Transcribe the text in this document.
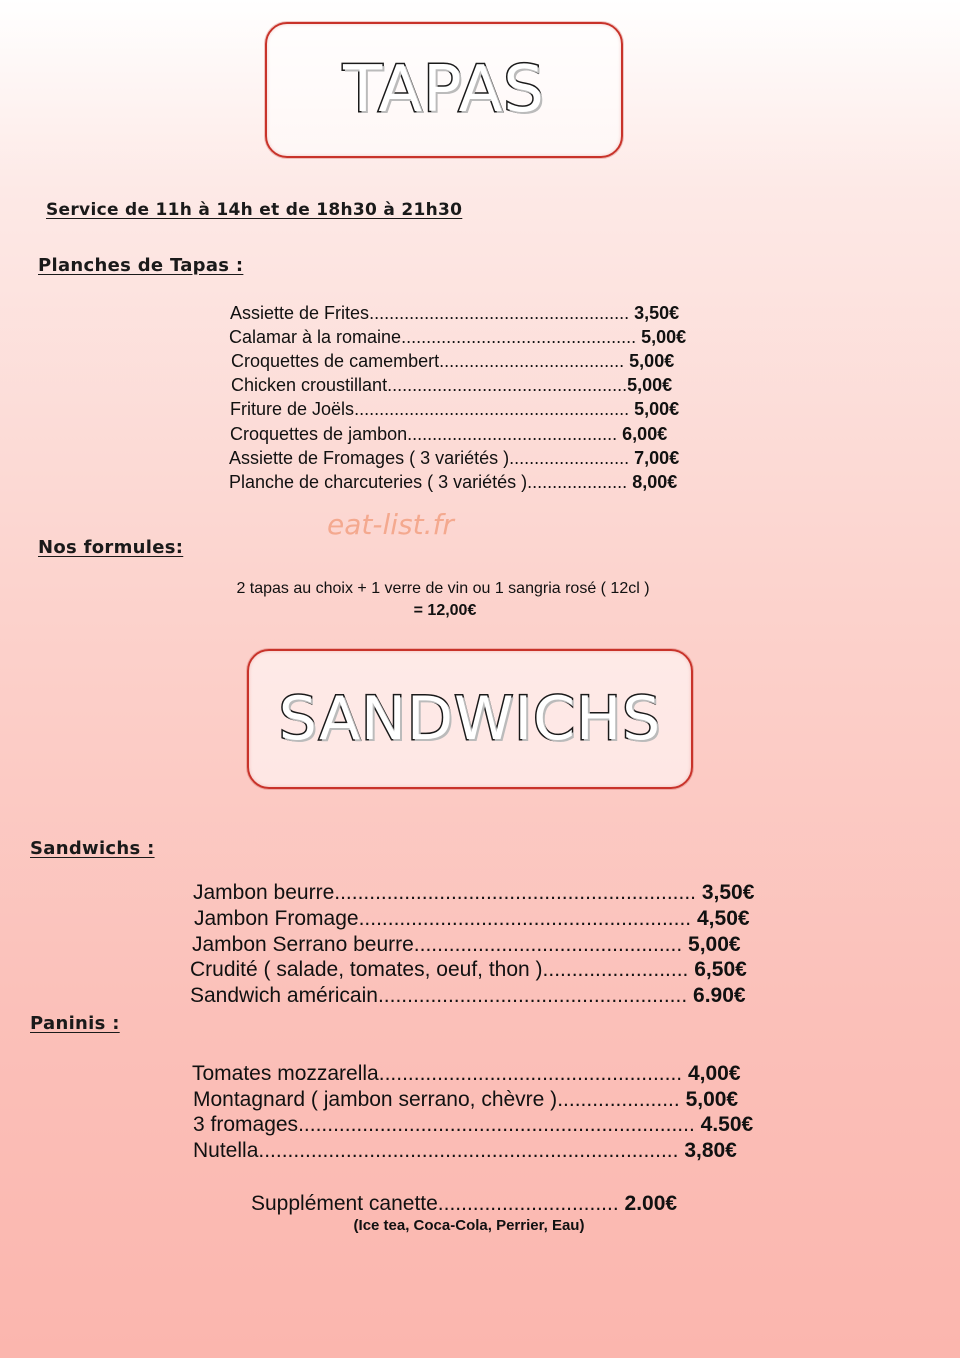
TAPAS
Service de 11h à 14h et de 18h30 à 21h30
Planches de Tapas :
Assiette de Frites.................................................... 3,50€
Calamar à la romaine............................................... 5,00€
Croquettes de camembert..................................... 5,00€
Chicken croustillant................................................5,00€
Friture de Joëls....................................................... 5,00€
Croquettes de jambon.......................................... 6,00€
Assiette de Fromages ( 3 variétés )........................ 7,00€
Planche de charcuteries ( 3 variétés ).................... 8,00€
Nos formules:
eat-list.fr
2 tapas au choix + 1 verre de vin ou 1 sangria rosé ( 12cl )
= 12,00€
SANDWICHS
Sandwichs :
Jambon beurre.............................................................. 3,50€
Jambon Fromage......................................................... 4,50€
Jambon Serrano beurre.............................................. 5,00€
Crudité ( salade, tomates, oeuf, thon )......................... 6,50€
Sandwich américain..................................................... 6.90€
Paninis :
Tomates mozzarella.................................................... 4,00€
Montagnard ( jambon serrano, chèvre )..................... 5,00€
3 fromages.................................................................... 4.50€
Nutella........................................................................ 3,80€
Supplément canette............................... 2.00€
(Ice tea, Coca-Cola, Perrier, Eau)
